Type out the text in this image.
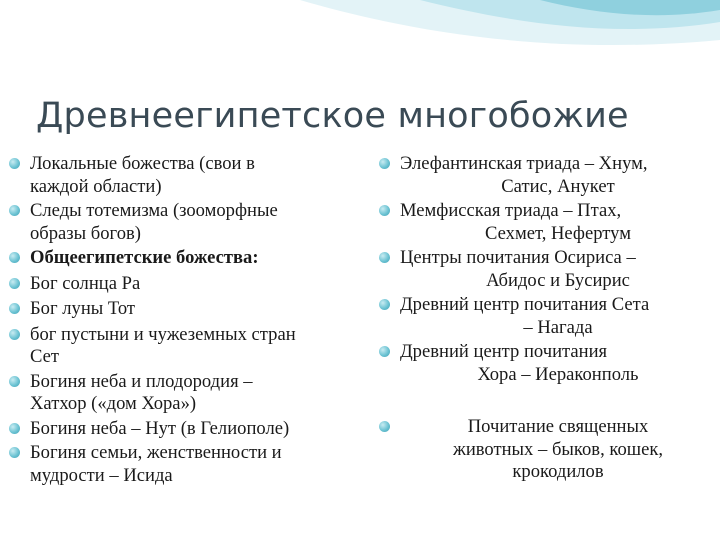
Древнеегипетское многобожие
Локальные божества (свои в
каждой области)
Следы тотемизма (зооморфные
образы богов)
Общеегипетские божества:
Бог солнца Ра
Бог луны Тот
бог пустыни и чужеземных стран
Сет
Богиня неба и плодородия –
Хатхор («дом Хора»)
Богиня неба – Нут (в Гелиополе)
Богиня семьи, женственности и
мудрости – Исида
Элефантинская триада – Хнум,

Сатис, Анукет
Мемфисская триада – Птах,

Сехмет, Нефертум
Центры почитания Осириса –

Абидос и Бусирис
Древний центр почитания Сета

– Нагада
Древний центр почитания

Хора – Иераконполь
Почитание священных
животных – быков, кошек,
крокодилов
